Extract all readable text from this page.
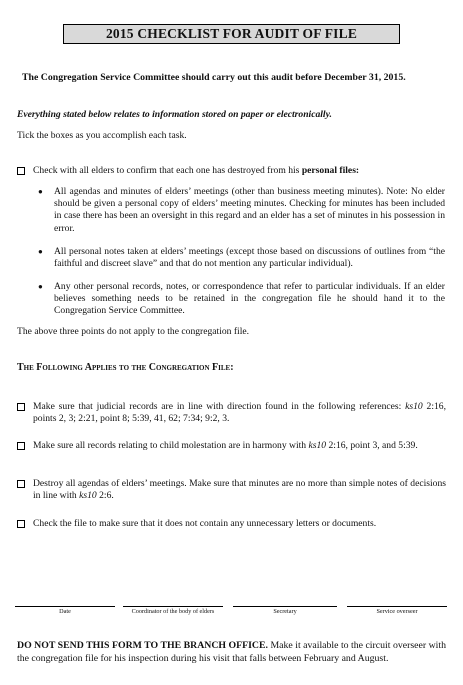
2015 CHECKLIST FOR AUDIT OF FILE
The Congregation Service Committee should carry out this audit before December 31, 2015.
Everything stated below relates to information stored on paper or electronically.
Tick the boxes as you accomplish each task.
Check with all elders to confirm that each one has destroyed from his personal files:
● All agendas and minutes of elders’ meetings (other than business meeting minutes). Note: No elder should be given a personal copy of elders’ meeting minutes. Checking for minutes has been included in case there has been an oversight in this regard and an elder has a set of minutes in his possession in error.
● All personal notes taken at elders’ meetings (except those based on discussions of outlines from “the faithful and discreet slave” and that do not mention any particular individual).
● Any other personal records, notes, or correspondence that refer to particular individuals. If an elder believes something needs to be retained in the congregation file he should hand it to the Congregation Service Committee.
The above three points do not apply to the congregation file.
The Following Applies to the Congregation File:
Make sure that judicial records are in line with direction found in the following references: ks10 2:16, points 2, 3; 2:21, point 8; 5:39, 41, 62; 7:34; 9:2, 3.
Make sure all records relating to child molestation are in harmony with ks10 2:16, point 3, and 5:39.
Destroy all agendas of elders’ meetings. Make sure that minutes are no more than simple notes of decisions in line with ks10 2:6.
Check the file to make sure that it does not contain any unnecessary letters or documents.
Date	Coordinator of the body of elders	Secretary	Service overseer
DO NOT SEND THIS FORM TO THE BRANCH OFFICE. Make it available to the circuit overseer with the congregation file for his inspection during his visit that falls between February and August.
